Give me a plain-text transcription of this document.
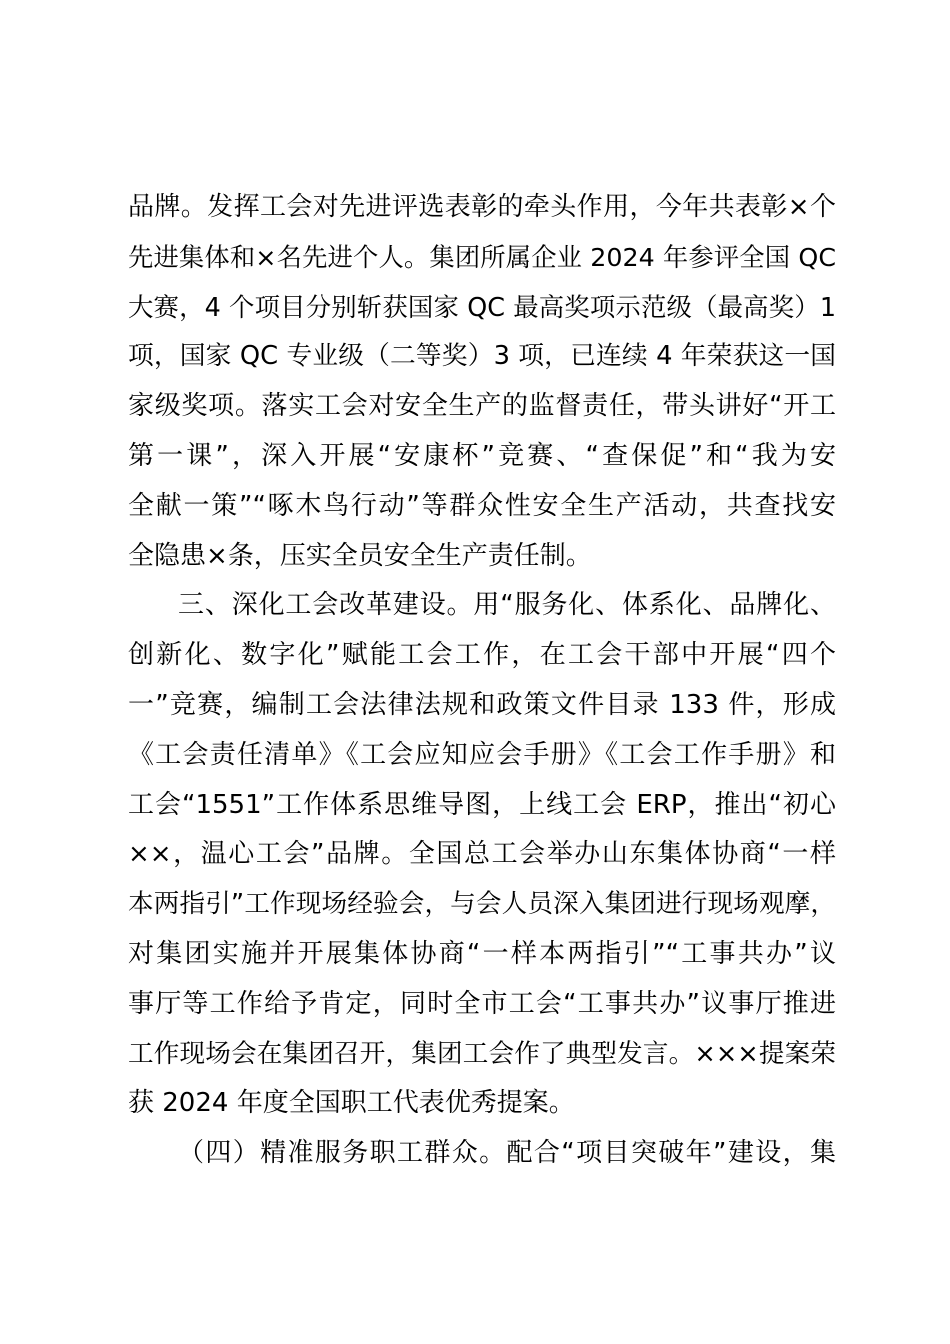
品牌。发挥工会对先进评选表彰的牵头作用，今年共表彰×个
先进集体和×名先进个人。集团所属企业 2024 年参评全国 QC
大赛，4 个项目分别斩获国家 QC 最高奖项示范级（最高奖）1
项，国家 QC 专业级（二等奖）3 项，已连续 4 年荣获这一国
家级奖项。落实工会对安全生产的监督责任，带头讲好“开工
第一课”，深入开展“安康杯”竞赛、“查保促”和“我为安
全献一策”“啄木鸟行动”等群众性安全生产活动，共查找安
全隐患×条，压实全员安全生产责任制。
三、深化工会改革建设。用“服务化、体系化、品牌化、
创新化、数字化”赋能工会工作，在工会干部中开展“四个
一”竞赛，编制工会法律法规和政策文件目录 133 件，形成
《工会责任清单》《工会应知应会手册》《工会工作手册》和
工会“1551”工作体系思维导图，上线工会 ERP，推出“初心
××，温心工会”品牌。全国总工会举办山东集体协商“一样
本两指引”工作现场经验会，与会人员深入集团进行现场观摩，
对集团实施并开展集体协商“一样本两指引”“工事共办”议
事厅等工作给予肯定，同时全市工会“工事共办”议事厅推进
工作现场会在集团召开，集团工会作了典型发言。×××提案荣
获 2024 年度全国职工代表优秀提案。
（四）精准服务职工群众。配合“项目突破年”建设，集
